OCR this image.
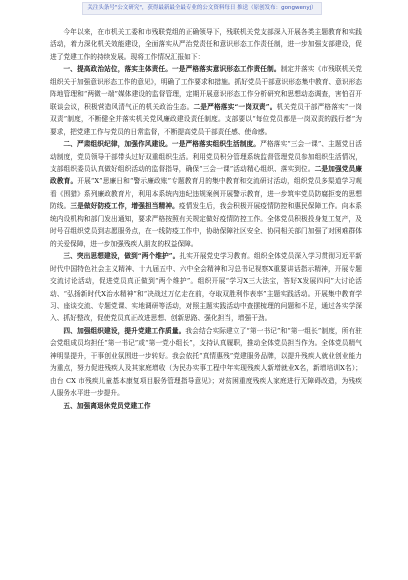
关注头条号"公文研究"，获得最新最全最专业的公文资料每日 推送（原创发布：gongwenyj）

今年以来，在市机关工委和市残联党组的正确领导下，残联机关党支部深入开展各类主题教育和实践活动，着力深化机关效能建设，全面落实从严治党责任和意识形态工作责任制，进一步加强支部建设，促进了党建工作的持续发展。现将工作情况汇报如下：

一、提高政治站位，落实主体责任。一是严格落实意识形态工作责任制。制定并落实《市残联机关党组织关于加强意识形态工作的意见》，明确了工作要求和措施。抓好党员干部意识形态集中教育、意识形态阵地管理和“两微一端”媒体建设的监督管理，定期开展意识形态工作分析研究和思想动态调查，害怕召开联谈会议，积极营造风清气正的机关政治生态。二是严格落实“一岗双责”。机关党员干部严格落实“一岗双责”制度，不断健全并落实机关党风廉政建设责任制度。支部要以“每位党员都是一岗双责的践行者”为要求，把党建工作与党员的日常监督，不断提高党员干部责任感、使命感。

二、严肃组织纪律，加强作风建设。一是严格落实组织生活制度。严格落实“三会一课”、主题党日活动制度，党员领导干部带头过好双重组织生活。利用党员积分管理系统监督管理党员参加组织生活情况，支部组织委员认真做好组织活动的监督指导，确保“三会一课”活动精心组织、落实到位。二是加强党员廉政教育。开展“X”思廉日和“警示廉政账”专题教育月的集中教育和交流研讨活动，组织党员多渠道学习观看《围猎》系列廉政教育片，利用本系统内违纪违规案例开展警示教育，进一步筑牢党员防腐拒变的思想防线。三是做好防疫工作，增强担当精神。疫情发生后，我会积极开展疫情防控和惠民保障工作。向本系统内设机构和部门发出通知，要求严格按照有关规定做好疫情防控工作。全体党员积极投身复工复产，及时号召组织党员到志愿服务点，在一线防疫工作中，协助保障社区安全、协同相关部门加强了对困难群体的关爱保障，进一步加强残疾人朋友的权益保障。

三、突出思想建设，做到“两个维护”。扎实开展党史学习教育。组织全体党员深入学习贯彻习近平新时代中国特色社会主义精神、十九届五中、六中全会精神和习总书记视察X重要讲话指示精神，开展专题交流讨论活动，促进党员真正做到“两个维护”。组织开展“学习X三大法宝，答好X发展四问”大讨论活动、“弘扬新时代X治水精神”和“决战过万亿走在前，夺取双胜利作表率”主题实践活动。开展集中教育学习、座谈交流、专题党课、实地调研等活动，对照主题实践活动中查摆梳理的问题和不足，通过各实学深入、抓好整改，促使党员真正改进思想、创新思路、强化担当，增强干劲。

四、加强组织建设，提升党建工作质量。我会结合实际建立了“第一书记”和“第一组长”制度，所有驻会党组成员均担任“第一书记”或“第一党小组长”，支持认真履职，推动全体党员担当作为。全体党员精气神明显提升，干事创业氛围进一步转好。我会依托“真情惠残”党建服务品牌，以提升残疾人就业创业能力为重点，努力促进残疾人及其家庭增收（为民办实事工程中年实现残疾人新增就业X名，新增培训X名）；由台 CX 市残疾儿童基本康复项目服务管理指导意见》；对贫困重度残疾人家庭进行无障碍改造，为残疾人服务水平进一步提升。

五、加强离退休党员党建工作
